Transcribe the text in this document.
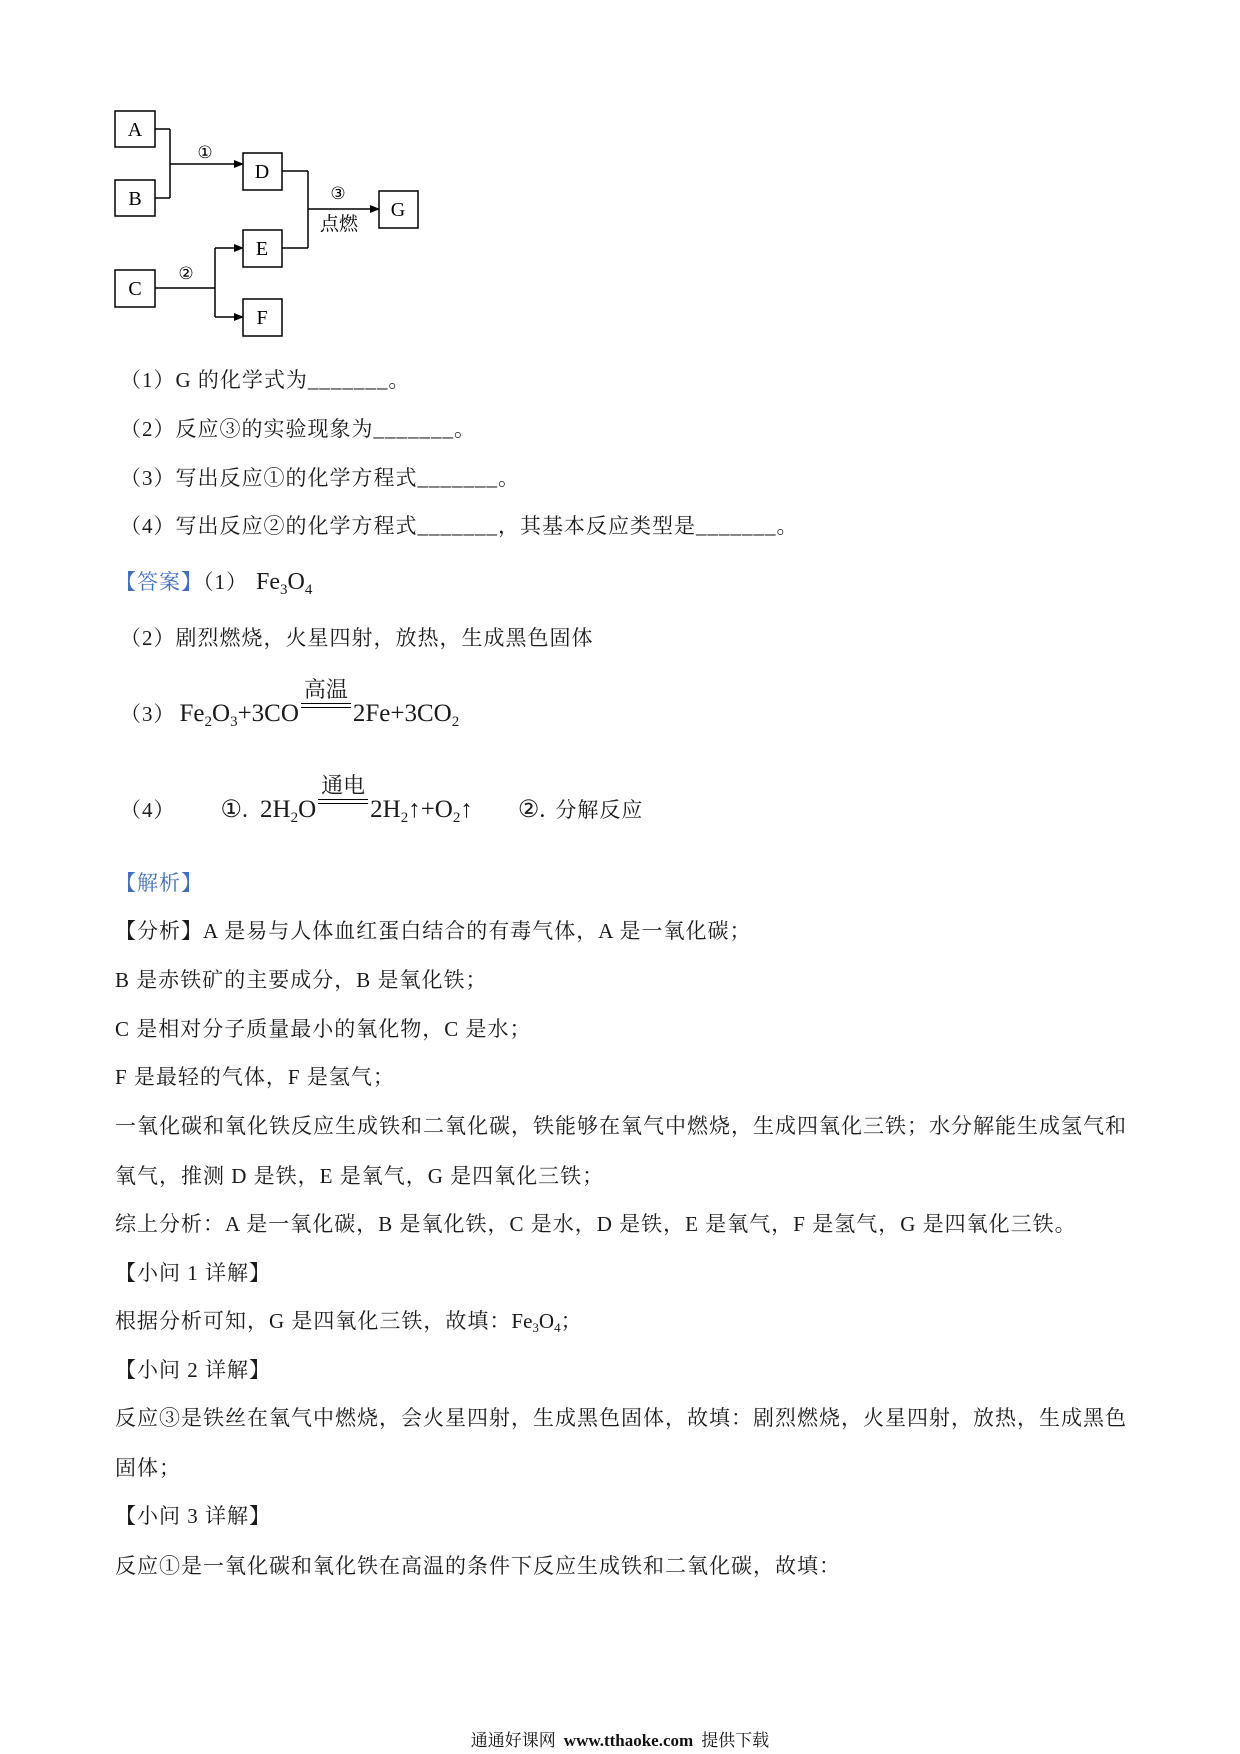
①
②
③
点燃
A
B
C
D
E
F
G
（1）G 的化学式为_______。
（2）反应③的实验现象为_______。
（3）写出反应①的化学方程式_______。
（4）写出反应②的化学方程式_______，其基本反应类型是_______。
【答案】（1） $Fe_3O_4$
（2）剧烈燃烧，火星四射，放热，生成黑色固体
（3） $Fe_2O_3+3CO$
高温
$2Fe+3CO_2$
（4） ①. $2H_2O$
通电
$2H_2↑+O_2↑$ ②. 分解反应
【解析】
【分析】A 是易与人体血红蛋白结合的有毒气体，A 是一氧化碳；
B 是赤铁矿的主要成分，B 是氧化铁；
C 是相对分子质量最小的氧化物，C 是水；
F 是最轻的气体，F 是氢气；
一氧化碳和氧化铁反应生成铁和二氧化碳，铁能够在氧气中燃烧，生成四氧化三铁；水分解能生成氢气和
氧气，推测 D 是铁，E 是氧气，G 是四氧化三铁；
综上分析：A 是一氧化碳，B 是氧化铁，C 是水，D 是铁，E 是氧气，F 是氢气，G 是四氧化三铁。
【小问 1 详解】
根据分析可知，G 是四氧化三铁，故填：$Fe_3O_4$；
【小问 2 详解】
反应③是铁丝在氧气中燃烧，会火星四射，生成黑色固体，故填：剧烈燃烧，火星四射，放热，生成黑色
固体；
【小问 3 详解】
反应①是一氧化碳和氧化铁在高温的条件下反应生成铁和二氧化碳，故填：
通通好课网 www.tthaoke.com 提供下载
